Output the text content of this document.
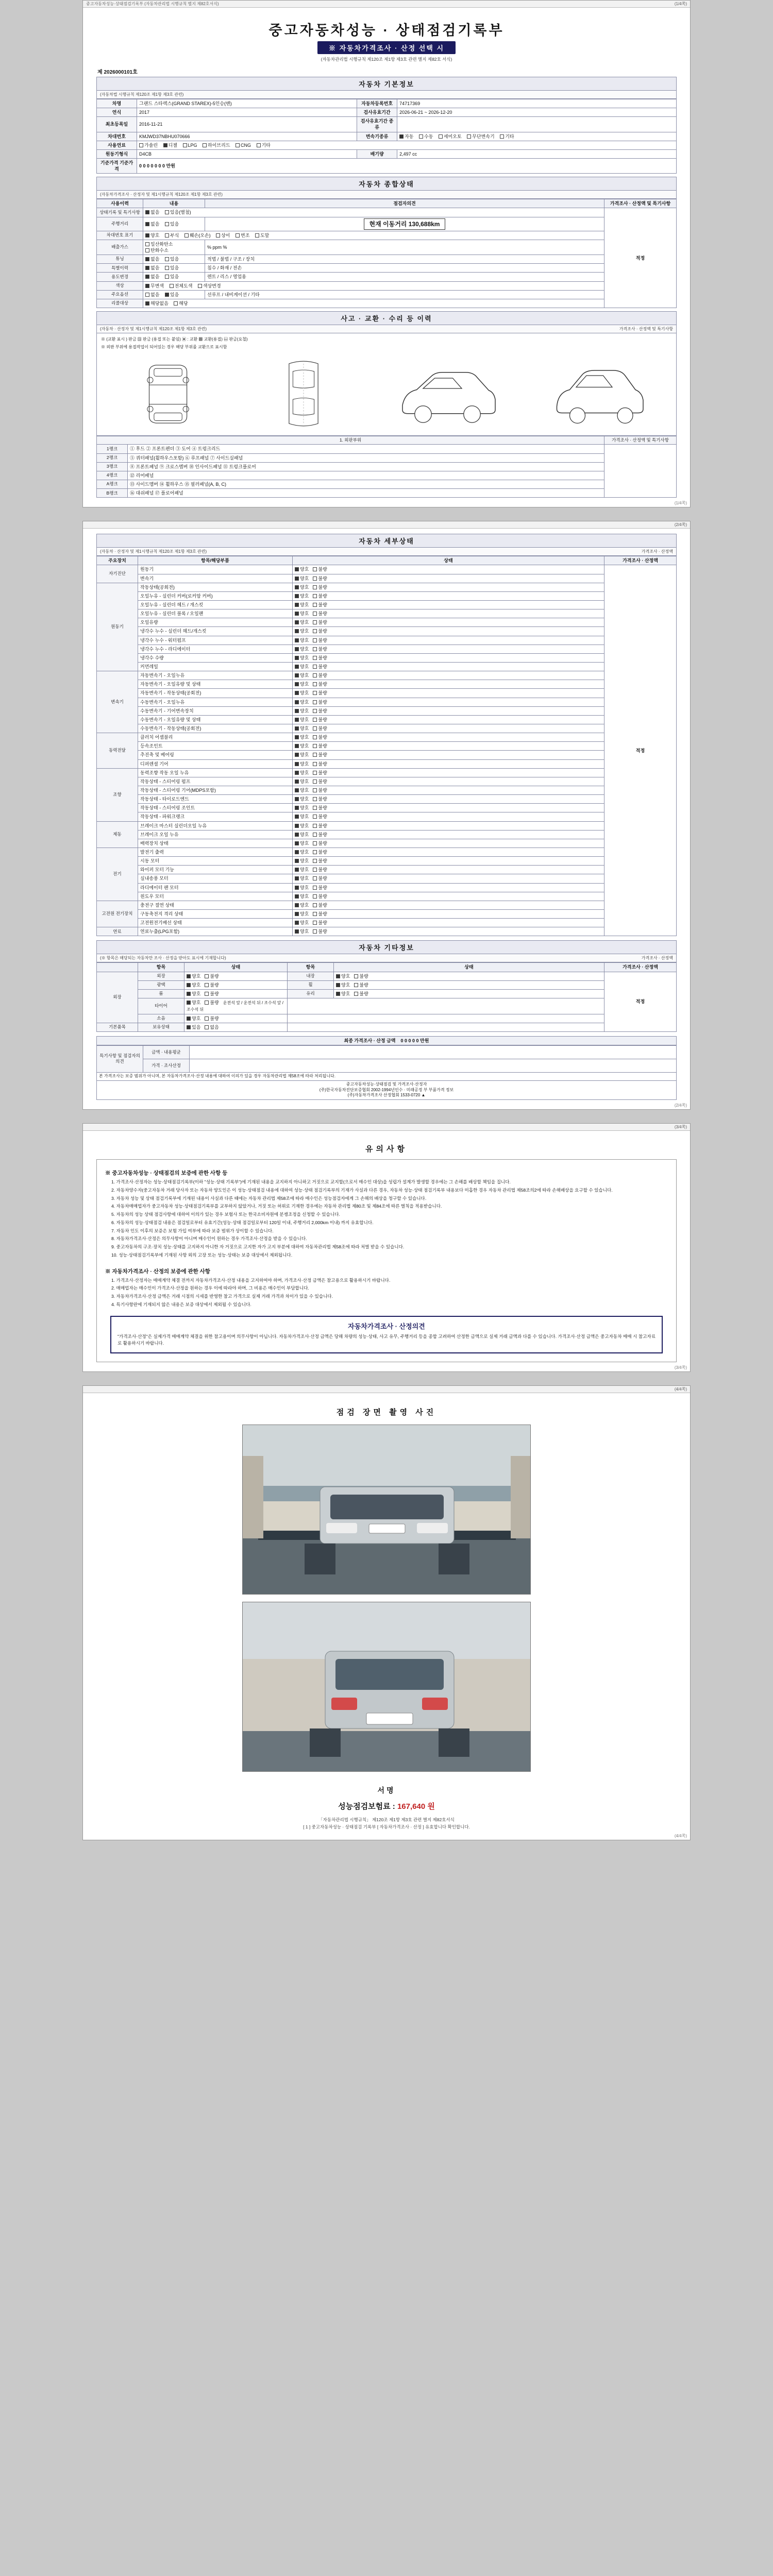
중고자동차성능·상태점검기록부 (자동차관리법 시행규칙 별지 제82호서식)	(1/4쪽)
중고자동차성능 · 상태점검기록부
※ 자동차가격조사 · 산정 선택 시
(자동차관리법 시행규칙 제120조 제1항 제3호 관련 별지 제82호 서식)
제 2026000101호
자동차 기본정보
(자동차법 시행규칙 제120조 제1항 제3호 관련)
차명	그랜드 스타렉스(GRAND STAREX)-5인승(밴)	자동차등록번호	74717369
연식	2017	검사유효기간	2026-06-21 ~ 2026-12-20
최초등록일	2016-11-21	검사유효기간 종류	
차대번호	KMJWD37NBHU070666	변속기종류	자동 수동 세미오토 무단변속기 기타
사용연료	가솔린 디젤 LPG 하이브리드 CNG 기타		
원동기형식	D4CB	배기량	2,497 cc
기준가격 기준가격	0 0 0 0 0 0 0 만원		
자동차 종합상태
(자동차가격조사 · 산정자 및 제1시행규칙 제120조 제1항 제3호 관련)
사용이력	내용	점검자의견	가격조사 · 산정액 및 특기사항
상태기록 및 특기사항	없음 있음(별첨)		적정
주행거리	없음 있음	현재 이동거리 130,688km	
차대번호 표기	양호 부식 훼손(오손) 상이 변조 도말		
배출가스	일산화탄소 탄화수소	% ppm %	
튜닝	없음 있음	적법 / 불법 / 구조 / 장치	
특별이력	없음 있음	침수 / 화재 / 전손	
용도변경	없음 있음	렌트 / 리스 / 영업용	
색상	무변색 전체도색 색상변경		
주요옵션	없음 있음	선루프 / 내비게이션 / 기타	
리콜대상	해당없음 해당		
사고 · 교환 · 수리 등 이력
(자동차 · 산정자 및 제1시행규칙 제120조 제1항 제3호 관련)	가격조사 · 산정액 및 특기사항
※ (교환 표시 ) 판금 ▨ 판금 (용접 또는 붙임) ▣ : 교환 ▩ 교환(용접) ▤ 판금(요철)
※ 외판 부위에 용접작업이 되어있는 경우 해당 부위를 교환으로 표시함
1. 외판부위		가격조사 · 산정액 및 특기사항
1랭크	① 후드 ② 프론트펜더 ③ 도어 ④ 트렁크리드	
2랭크	⑤ 쿼터패널(휠하우스포함) ⑥ 루프패널 ⑦ 사이드실패널	
3랭크	⑧ 프론트패널 ⑨ 크로스멤버 ⑩ 인사이드패널 ⑪ 트렁크플로어	
4랭크	⑫ 리어패널	
A랭크	⑬ 사이드멤버 ⑭ 휠하우스 ⑮ 필러패널(A, B, C)	
B랭크	⑯ 대쉬패널 ⑰ 플로어패널	
(1/4쪽)
(2/4쪽)
자동차 세부상태
(자동차 · 산정자 및 제1시행규칙 제120조 제1항 제3호 관련)	가격조사 · 산정액
주요장치	항목/해당부품	상태	가격조사 · 산정액
자기진단	원동기	양호 불량	적정
	변속기	양호 불량	
원동기	작동상태(공회전)	양호 불량	
	오일누유 - 실린더 커버(로커암 커버)	양호 불량	
	오일누유 - 실린더 헤드 / 개스킷	양호 불량	
	오일누유 - 실린더 블록 / 오일팬	양호 불량	
	오일유량	양호 불량	
	냉각수 누수 - 실린더 헤드/개스킷	양호 불량	
	냉각수 누수 - 워터펌프	양호 불량	
	냉각수 누수 - 라디에이터	양호 불량	
	냉각수 수량	양호 불량	
	커먼레일	양호 불량	
변속기	자동변속기 - 오일누유	양호 불량	
	자동변속기 - 오일유량 및 상태	양호 불량	
	자동변속기 - 작동상태(공회전)	양호 불량	
	수동변속기 - 오일누유	양호 불량	
	수동변속기 - 기어변속장치	양호 불량	
	수동변속기 - 오일유량 및 상태	양호 불량	
	수동변속기 - 작동상태(공회전)	양호 불량	
동력전달	클러치 어셈블리	양호 불량	
	등속조인트	양호 불량	
	추진축 및 베어링	양호 불량	
	디퍼렌셜 기어	양호 불량	
조향	동력조향 작동 오일 누유	양호 불량	
	작동상태 - 스티어링 펌프	양호 불량	
	작동상태 - 스티어링 기어(MDPS포함)	양호 불량	
	작동상태 - 타이로드엔드	양호 불량	
	작동상태 - 스티어링 조인트	양호 불량	
	작동상태 - 파워크랭크	양호 불량	
제동	브레이크 마스터 실린더오일 누유	양호 불량	
	브레이크 오일 누유	양호 불량	
	배력장치 상태	양호 불량	
전기	발전기 출력	양호 불량	
	시동 모터	양호 불량	
	와이퍼 모터 기능	양호 불량	
	실내송풍 모터	양호 불량	
	라디에이터 팬 모터	양호 불량	
	윈도우 모터	양호 불량	
고전원 전기장치	충전구 절연 상태	양호 불량	
	구동축전지 격리 상태	양호 불량	
	고전원전기배선 상태	양호 불량	
연료	연료누출(LPG포함)	양호 불량	
자동차 기타정보
(※ 항목은 해당되는 자동차만 조사 · 산정을 받아도 표시에 기재합니다)	가격조사 · 산정액
	항목	상태	항목	상태	가격조사 · 산정액
외장	외장	양호 불량	내장	양호 불량	적정
	광택	양호 불량	휠	양호 불량	
	룸	양호 불량	유리	양호 불량	
	타이어	양호 불량 운전석 앞 / 운전석 뒤 / 조수석 앞 / 조수석 뒤			
	소음	양호 불량			
기본품목	보유상태	있음 없음			
최종 가격조사 · 산정 금액 0 0 0 0 0 만원
특기사항 및 점검자의 의견	금액 · 내용평균	
	가격 · 조사산정	
본 가격조사는 보증 범위가 아니며, 본 자동차가격조사·산정 내용에 대하여 이의가 있을 경우 자동차관리법 제58조에 따라 처리됩니다.		

중고자동차성능·상태점검 및 가격조사·산정자
(주)한국자동차진단보증협회 2002-1994년인수 · 미래공정 부 부품가격 정보
(주)자동차가격조사 산정협회 1533-0720 ▲		
(2/4쪽)
(3/4쪽)
유의사항
※ 중고자동차성능 · 상태점검의 보증에 관한 사항 등
1. 가격조사·산정자는 성능·상태점검기록부(이하 "성능·상태 기록부")에 기재된 내용을 교지하지 아니하고 거짓으로 교지할(으로서 매수인 대상)을 성립가 설계가 발생할 경우에는 그 손해를 배상할 책임을 집니다.
2. 자동차양수자(중고자동차 거래 당사자 또는 자동차 양도인은 이 성능·상태점검 내용에 대하여 성능·상태 점검기록부의 기재가 사실과 다른 경우, 자동차 성능·상태 점검기록부 내용보다 미흡한 경우 자동차 관리법 제58조의2에 따라 손해배상을 요구할 수 있습니다.
3. 자동차 성능 및 상태 점검기록부에 기재된 내용이 사실과 다른 때에는 자동차 관리법 제58조에 따라 매수인은 성능점검자에게 그 손해의 배상을 청구할 수 있습니다.
4. 자동차매매업자가 중고자동차 성능·상태점검기록부를 교부하지 않았거나, 거짓 또는 허위로 기재한 경우에는 자동차 관리법 제80조 및 제84조에 따른 벌칙을 적용받습니다.
5. 자동차의 성능 상태 점검사항에 대하여 이의가 있는 경우 보험사 또는 한국소비자원에 분쟁조정을 신청할 수 있습니다.
6. 자동차의 성능·상태점검 내용은 점검일로부터 유효기간(성능·상태 점검일로부터 120일 이내, 주행거리 2,000km 이내) 까지 유효합니다.
7. 자동차 인도 이후의 보증은 보험 가입 여부에 따라 보증 범위가 상이할 수 있습니다.
8. 자동차가격조사·산정은 의무사항이 아니며 매수인이 원하는 경우 가격조사·산정을 받을 수 있습니다.
9. 중고자동차의 구조·장치 성능·상태를 고지하지 아니한 자 거짓으로 고지한 자가 고지 부분에 대하여 자동차관리법 제58조에 따라 처벌 받을 수 있습니다.
10. 성능·상태점검기록부에 기재된 사항 외의 고장 또는 성능·상태는 보증 대상에서 제외됩니다.
※ 자동차가격조사 · 산정의 보증에 관한 사항
1. 가격조사·산정자는 매매계약 체결 전까지 자동차가격조사·산정 내용을 고지하여야 하며, 가격조사·산정 금액은 참고용으로 활용하시기 바랍니다.
2. 매매업자는 매수인이 가격조사·산정을 원하는 경우 이에 따라야 하며, 그 비용은 매수인이 부담합니다.
3. 자동차가격조사·산정 금액은 거래 시점의 시세를 반영한 참고 가격으로 실제 거래 가격과 차이가 있을 수 있습니다.
4. 특기사항란에 기재되지 않은 내용은 보증 대상에서 제외될 수 있습니다.
자동차가격조사 · 산정의견
"가격조사·산정"은 실제가격 매매계약 체결을 위한 참고용이며 의무사항이 아닙니다. 자동차가격조사·산정 금액은 당해 차량의 성능·상태, 사고 유무, 주행거리 등을 종합 고려하여 산정한 금액으로 실제 거래 금액과 다를 수 있습니다. 가격조사·산정 금액은 중고자동차 매매 시 참고자료로 활용하시기 바랍니다.
(3/4쪽)
(4/4쪽)
점검 장면 촬영 사진
서명
성능점검보험료 : 167,640 원
「자동차관리법 시행규칙」 제120조 제1항 제3호 관련 별지 제82호서식
[ 1 ] 중고자동차성능 · 상태점검 기록부 [ 자동차가격조사 · 산정 ] 유효합니다 확인합니다.
(4/4쪽)
